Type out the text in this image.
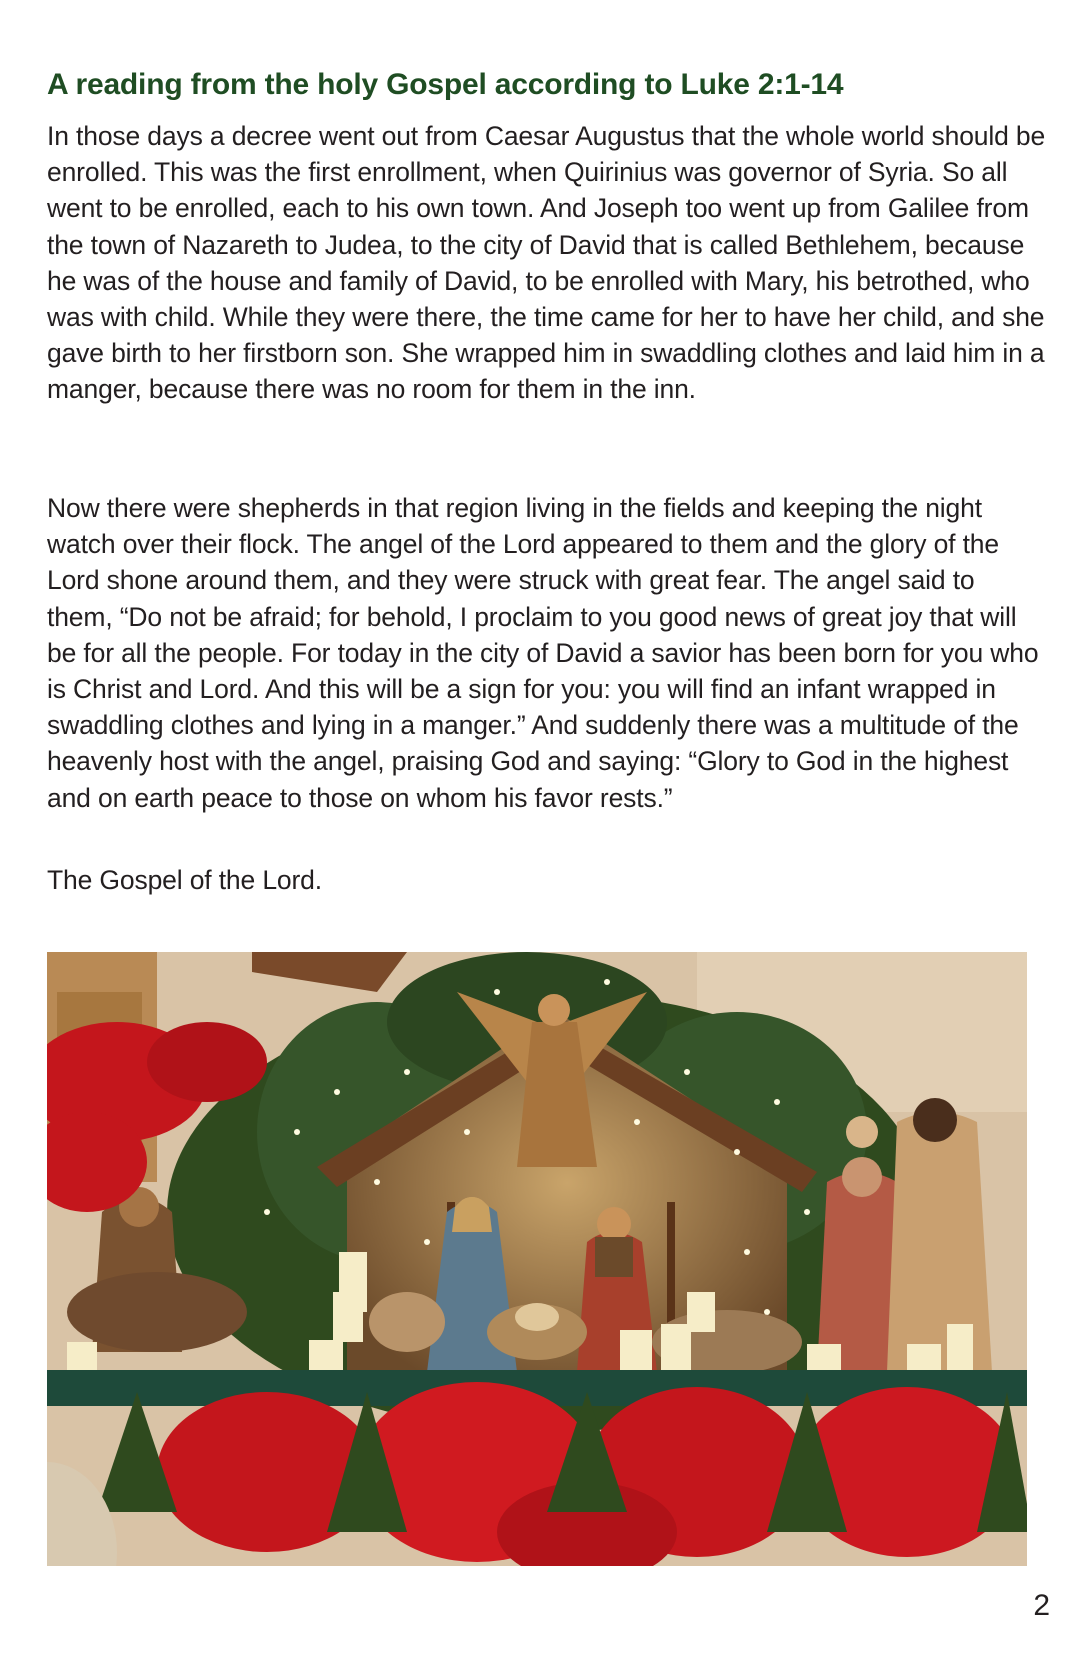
A reading from the holy Gospel according to Luke 2:1-14

In those days a decree went out from Caesar Augustus that the whole world should be enrolled. This was the first enrollment, when Quirinius was governor of Syria. So all went to be enrolled, each to his own town. And Joseph too went up from Galilee from the town of Nazareth to Judea, to the city of David that is called Bethlehem, because he was of the house and family of David, to be enrolled with Mary, his betrothed, who was with child. While they were there, the time came for her to have her child, and she gave birth to her firstborn son. She wrapped him in swaddling clothes and laid him in a manger, because there was no room for them in the inn.

Now there were shepherds in that region living in the fields and keeping the night watch over their flock. The angel of the Lord appeared to them and the glory of the Lord shone around them, and they were struck with great fear. The angel said to them, “Do not be afraid; for behold, I proclaim to you good news of great joy that will be for all the people. For today in the city of David a savior has been born for you who is Christ and Lord. And this will be a sign for you: you will find an infant wrapped in swaddling clothes and lying in a manger.” And suddenly there was a multitude of the heavenly host with the angel, praising God and saying: “Glory to God in the highest and on earth peace to those on whom his favor rests.”

The Gospel of the Lord.

2
